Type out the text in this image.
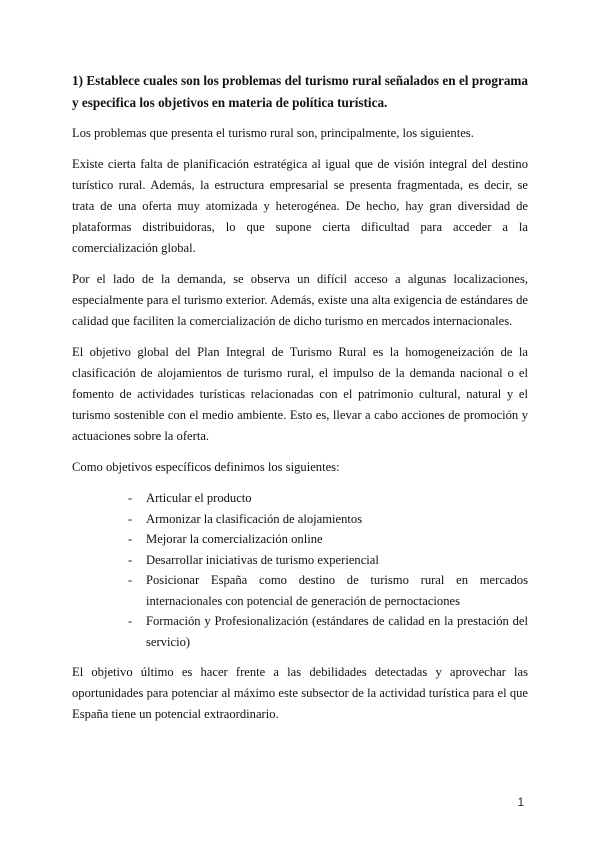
1) Establece cuales son los problemas del turismo rural señalados en el programa y especifica los objetivos en materia de política turística.

Los problemas que presenta el turismo rural son, principalmente, los siguientes.

Existe cierta falta de planificación estratégica al igual que de visión integral del destino turístico rural. Además, la estructura empresarial se presenta fragmentada, es decir, se trata de una oferta muy atomizada y heterogénea. De hecho, hay gran diversidad de plataformas distribuidoras, lo que supone cierta dificultad para acceder a la comercialización global.

Por el lado de la demanda, se observa un difícil acceso a algunas localizaciones, especialmente para el turismo exterior. Además, existe una alta exigencia de estándares de calidad que faciliten la comercialización de dicho turismo en mercados internacionales.

El objetivo global del Plan Integral de Turismo Rural es la homogeneización de la clasificación de alojamientos de turismo rural, el impulso de la demanda nacional o el fomento de actividades turísticas relacionadas con el patrimonio cultural, natural y el turismo sostenible con el medio ambiente. Esto es, llevar a cabo acciones de promoción y actuaciones sobre la oferta.

Como objetivos específicos definimos los siguientes:

- Articular el producto
- Armonizar la clasificación de alojamientos
- Mejorar la comercialización online
- Desarrollar iniciativas de turismo experiencial
- Posicionar España como destino de turismo rural en mercados internacionales con potencial de generación de pernoctaciones
- Formación y Profesionalización (estándares de calidad en la prestación del servicio)

El objetivo último es hacer frente a las debilidades detectadas y aprovechar las oportunidades para potenciar al máximo este subsector de la actividad turística para el que España tiene un potencial extraordinario.

1
